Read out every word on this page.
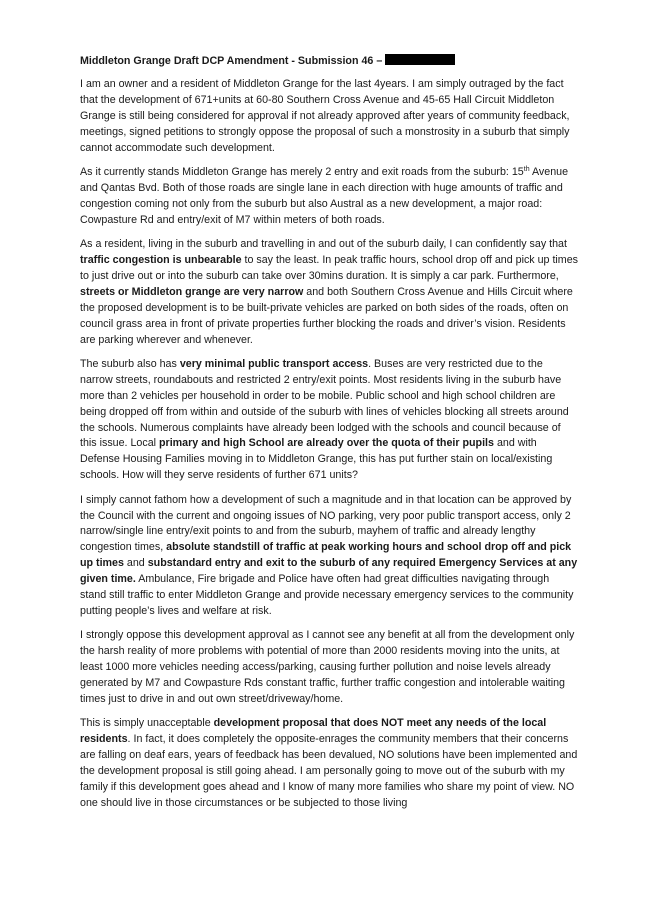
Middleton Grange Draft DCP Amendment - Submission 46 –

I am an owner and a resident of Middleton Grange for the last 4years. I am simply outraged by the fact that the development of 671+units at 60-80 Southern Cross Avenue and 45-65 Hall Circuit Middleton Grange is still being considered for approval if not already approved after years of community feedback, meetings, signed petitions to strongly oppose the proposal of such a monstrosity in a suburb that simply cannot accommodate such development.

As it currently stands Middleton Grange has merely 2 entry and exit roads from the suburb: 15th Avenue and Qantas Bvd. Both of those roads are single lane in each direction with huge amounts of traffic and congestion coming not only from the suburb but also Austral as a new development, a major road: Cowpasture Rd and entry/exit of M7 within meters of both roads.

As a resident, living in the suburb and travelling in and out of the suburb daily, I can confidently say that traffic congestion is unbearable to say the least. In peak traffic hours, school drop off and pick up times to just drive out or into the suburb can take over 30mins duration. It is simply a car park. Furthermore, streets or Middleton grange are very narrow and both Southern Cross Avenue and Hills Circuit where the proposed development is to be built-private vehicles are parked on both sides of the roads, often on council grass area in front of private properties further blocking the roads and driver’s vision. Residents are parking wherever and whenever.

The suburb also has very minimal public transport access. Buses are very restricted due to the narrow streets, roundabouts and restricted 2 entry/exit points. Most residents living in the suburb have more than 2 vehicles per household in order to be mobile. Public school and high school children are being dropped off from within and outside of the suburb with lines of vehicles blocking all streets around the schools. Numerous complaints have already been lodged with the schools and council because of this issue. Local primary and high School are already over the quota of their pupils and with Defense Housing Families moving in to Middleton Grange, this has put further stain on local/existing schools. How will they serve residents of further 671 units?

I simply cannot fathom how a development of such a magnitude and in that location can be approved by the Council with the current and ongoing issues of NO parking, very poor public transport access, only 2 narrow/single line entry/exit points to and from the suburb, mayhem of traffic and already lengthy congestion times, absolute standstill of traffic at peak working hours and school drop off and pick up times and substandard entry and exit to the suburb of any required Emergency Services at any given time. Ambulance, Fire brigade and Police have often had great difficulties navigating through stand still traffic to enter Middleton Grange and provide necessary emergency services to the community putting people’s lives and welfare at risk.

I strongly oppose this development approval as I cannot see any benefit at all from the development only the harsh reality of more problems with potential of more than 2000 residents moving into the units, at least 1000 more vehicles needing access/parking, causing further pollution and noise levels already generated by M7 and Cowpasture Rds constant traffic, further traffic congestion and intolerable waiting times just to drive in and out own street/driveway/home.

This is simply unacceptable development proposal that does NOT meet any needs of the local residents. In fact, it does completely the opposite-enrages the community members that their concerns are falling on deaf ears, years of feedback has been devalued, NO solutions have been implemented and the development proposal is still going ahead. I am personally going to move out of the suburb with my family if this development goes ahead and I know of many more families who share my point of view. NO one should live in those circumstances or be subjected to those living
